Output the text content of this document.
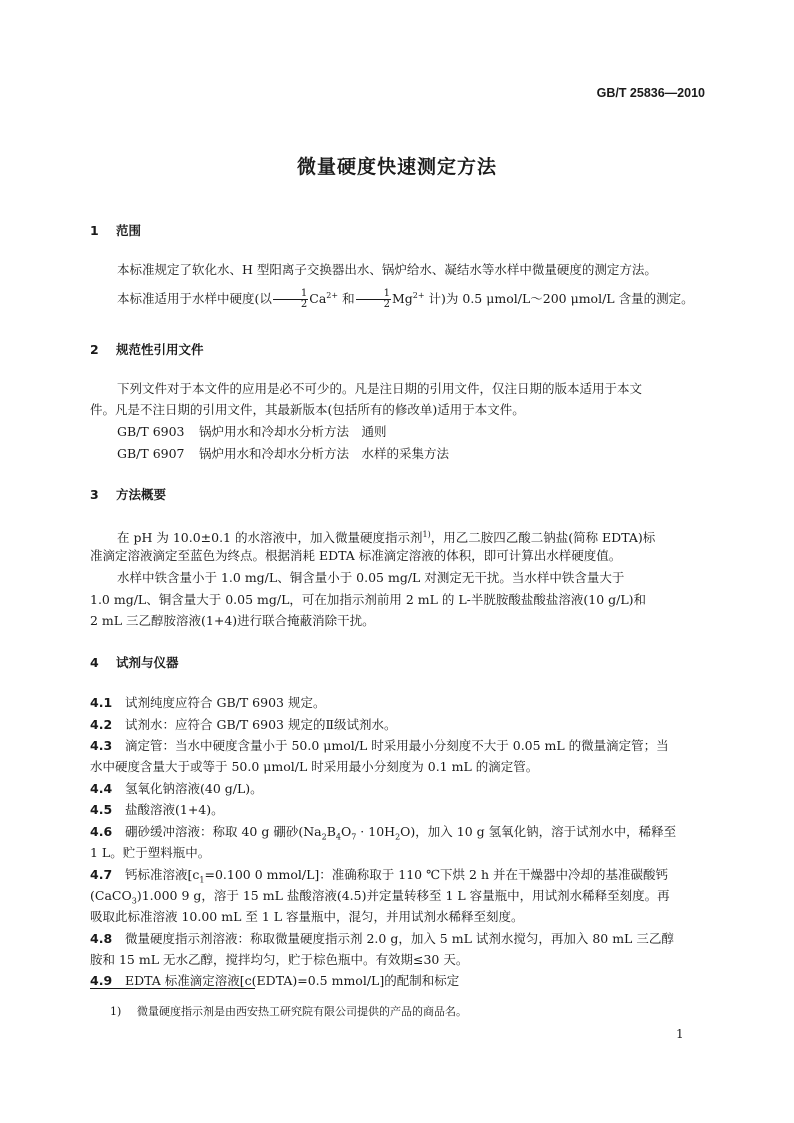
GB/T 25836—2010
微量硬度快速测定方法
1 范围
本标准规定了软化水、H 型阳离子交换器出水、锅炉给水、凝结水等水样中微量硬度的测定方法。
本标准适用于水样中硬度(以 $\frac{1}{2} Ca^{2+}$ 和 $\frac{1}{2} Mg^{2+}$ 计)为 0.5 μmol/L～200 μmol/L 含量的测定。
2 规范性引用文件
下列文件对于本文件的应用是必不可少的。凡是注日期的引用文件，仅注日期的版本适用于本文
件。凡是不注日期的引用文件，其最新版本(包括所有的修改单)适用于本文件。
GB/T 6903 锅炉用水和冷却水分析方法　通则
GB/T 6907 锅炉用水和冷却水分析方法　水样的采集方法
3 方法概要
在 pH 为 10.0±0.1 的水溶液中，加入微量硬度指示剂$^{1)}$，用乙二胺四乙酸二钠盐(简称 EDTA)标
准滴定溶液滴定至蓝色为终点。根据消耗 EDTA 标准滴定溶液的体积，即可计算出水样硬度值。
水样中铁含量小于 1.0 mg/L、铜含量小于 0.05 mg/L 对测定无干扰。当水样中铁含量大于
1.0 mg/L、铜含量大于 0.05 mg/L，可在加指示剂前用 2 mL 的 L-半胱胺酸盐酸盐溶液(10 g/L)和
2 mL 三乙醇胺溶液(1+4)进行联合掩蔽消除干扰。
4 试剂与仪器
4.1 试剂纯度应符合 GB/T 6903 规定。
4.2 试剂水：应符合 GB/T 6903 规定的Ⅱ级试剂水。
4.3 滴定管：当水中硬度含量小于 50.0 μmol/L 时采用最小分刻度不大于 0.05 mL 的微量滴定管；当
水中硬度含量大于或等于 50.0 μmol/L 时采用最小分刻度为 0.1 mL 的滴定管。
4.4 氢氧化钠溶液(40 g/L)。
4.5 盐酸溶液(1+4)。
4.6 硼砂缓冲溶液：称取 40 g 硼砂$(Na_2B_4O_7 \cdot 10H_2O)$，加入 10 g 氢氧化钠，溶于试剂水中，稀释至
1 L。贮于塑料瓶中。
4.7 钙标准溶液[$c_1=0.100$ 0 mmol/L]：准确称取于 110 ℃下烘 2 h 并在干燥器中冷却的基准碳酸钙
(CaCO$_3$)1.000 9 g，溶于 15 mL 盐酸溶液(4.5)并定量转移至 1 L 容量瓶中，用试剂水稀释至刻度。再
吸取此标准溶液 10.00 mL 至 1 L 容量瓶中，混匀，并用试剂水稀释至刻度。
4.8 微量硬度指示剂溶液：称取微量硬度指示剂 2.0 g，加入 5 mL 试剂水搅匀，再加入 80 mL 三乙醇
胺和 15 mL 无水乙醇，搅拌均匀，贮于棕色瓶中。有效期≤30 天。
4.9 EDTA 标准滴定溶液[c(EDTA)=0.5 mmol/L]的配制和标定
1) 微量硬度指示剂是由西安热工研究院有限公司提供的产品的商品名。
1
